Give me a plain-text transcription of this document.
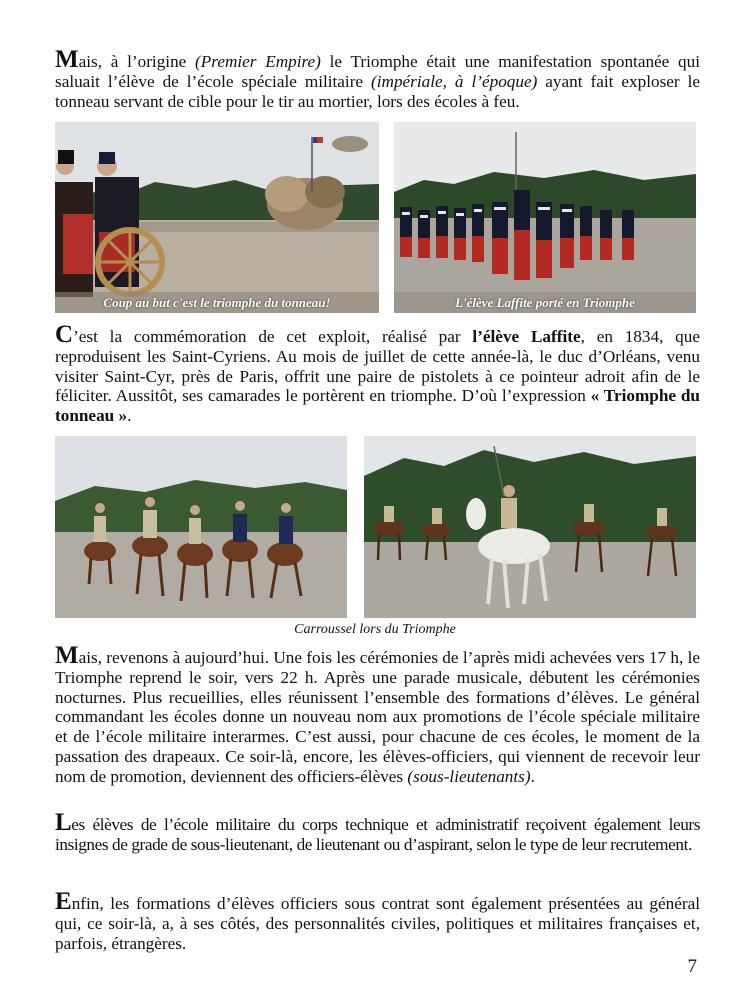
Mais, à l’origine (Premier Empire) le Triomphe était une manifestation spontanée qui saluait l’élève de l’école spéciale militaire (impériale, à l’époque) ayant fait exploser le tonneau servant de cible pour le tir au mortier, lors des écoles à feu.
Coup au but c'est le triomphe du tonneau!	L'élève Laffite porté en Triomphe
C’est la commémoration de cet exploit, réalisé par l’élève Laffite, en 1834, que reproduisent les Saint-Cyriens. Au mois de juillet de cette année-là, le duc d’Orléans, venu visiter Saint-Cyr, près de Paris, offrit une paire de pistolets à ce pointeur adroit afin de le féliciter. Aussitôt, ses camarades le portèrent en triomphe. D’où l’expression « Triomphe du tonneau ».
Carroussel lors du Triomphe
Mais, revenons à aujourd’hui. Une fois les cérémonies de l’après midi achevées vers 17 h, le Triomphe reprend le soir, vers 22 h. Après une parade musicale, débutent les cérémonies nocturnes. Plus recueillies, elles réunissent l’ensemble des formations d’élèves. Le général commandant les écoles donne un nouveau nom aux promotions de l’école spéciale militaire et de l’école militaire interarmes. C’est aussi, pour chacune de ces écoles, le moment de la passation des drapeaux. Ce soir-là, encore, les élèves-officiers, qui viennent de recevoir leur nom de promotion, deviennent des officiers-élèves (sous-lieutenants).
Les élèves de l’école militaire du corps technique et administratif reçoivent également leurs insignes de grade de sous-lieutenant, de lieutenant ou d’aspirant, selon le type de leur recrutement.
Enfin, les formations d’élèves officiers sous contrat sont également présentées au général qui, ce soir-là, a, à ses côtés, des personnalités civiles, politiques et militaires françaises et, parfois, étrangères.
7
